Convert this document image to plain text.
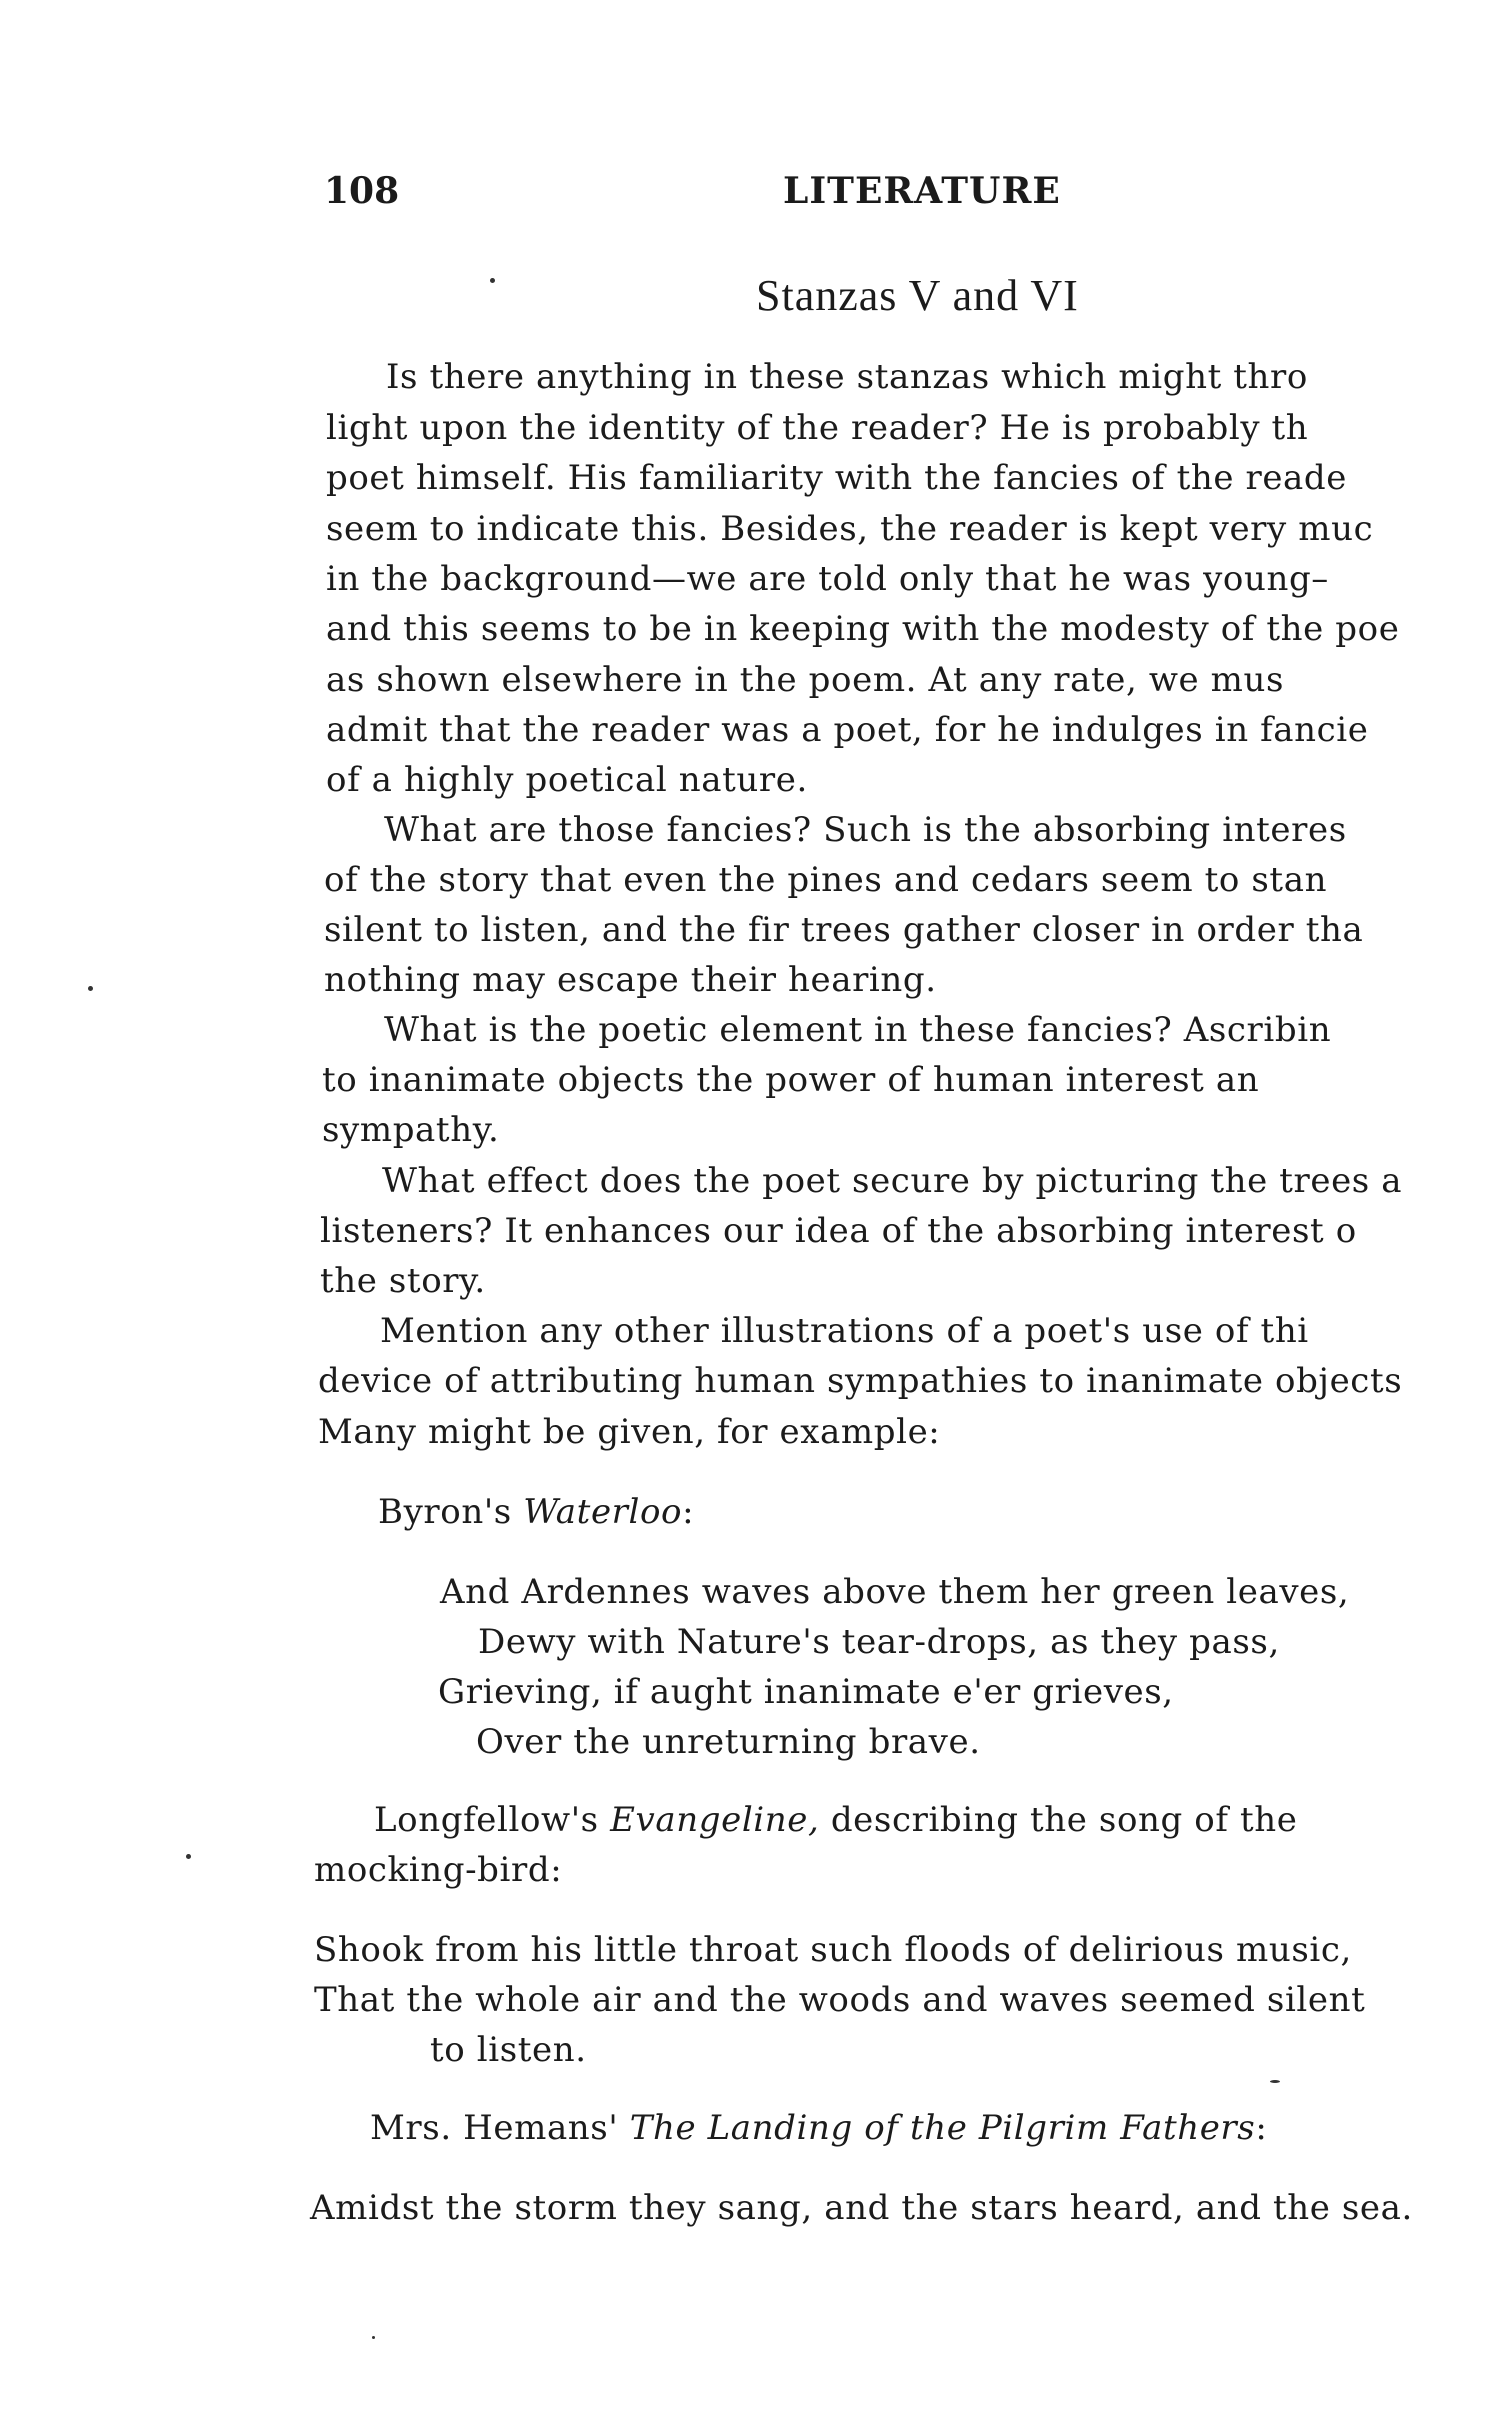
108	LITERATURE
Stanzas V and VI
Is there anything in these stanzas which might thro
light upon the identity of the reader? He is probably th
poet himself. His familiarity with the fancies of the reade
seem to indicate this. Besides, the reader is kept very muc
in the background—we are told only that he was young–
and this seems to be in keeping with the modesty of the poe
as shown elsewhere in the poem. At any rate, we mus
admit that the reader was a poet, for he indulges in fancie
of a highly poetical nature.
What are those fancies? Such is the absorbing interes
of the story that even the pines and cedars seem to stan
silent to listen, and the fir trees gather closer in order tha
nothing may escape their hearing.
What is the poetic element in these fancies? Ascribin
to inanimate objects the power of human interest an
sympathy.
What effect does the poet secure by picturing the trees a
listeners? It enhances our idea of the absorbing interest o
the story.
Mention any other illustrations of a poet's use of thi
device of attributing human sympathies to inanimate objects
Many might be given, for example:
Byron's Waterloo:
And Ardennes waves above them her green leaves,
Dewy with Nature's tear-drops, as they pass,
Grieving, if aught inanimate e'er grieves,
Over the unreturning brave.
Longfellow's Evangeline, describing the song of the
mocking-bird:
Shook from his little throat such floods of delirious music,
That the whole air and the woods and waves seemed silent
to listen.
Mrs. Hemans' The Landing of the Pilgrim Fathers:
Amidst the storm they sang, and the stars heard, and the sea.
